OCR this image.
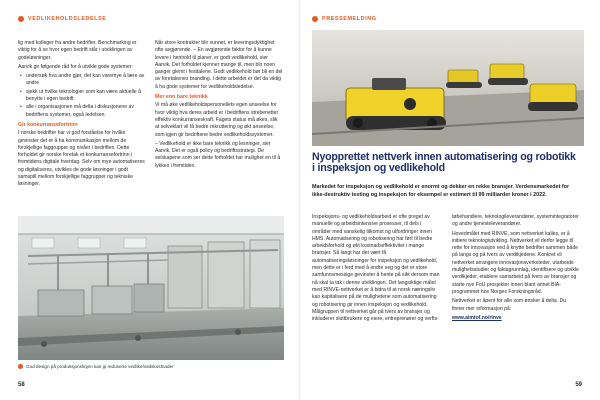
VEDLIKEHOLDSLEDELSE

lig med kolleger fra andre bedrifter. Benchmarking er viktig for å se hvor egen bedrift står i utviklingen av godeløsninger.

Aarvik gir følgende råd for å utvikle gode systemer:

• undersøk hva andre gjør, det kan varemye å lære av andre
• sjekk ut hvilke teknologier som kan være aktuelle å benytte i egen bedrift
• alle i organisasjonen må delta i diskusjonene av bedriftens systemer, også ledelsen.
Gir konkurransefortrinn

I norske bedrifter har vi god forståelse for hvilke gevinster det er å ha kommunikasjon mellom de forskjellige faggrupper og nivåer i bedriften. Dette forholdet gir norske foretak et konkurransefortrinn i fremtidens digitale hverdag. Selv om mye automatiseres og digitaliseres, utvikles de gode løsninger i godt samspill mellom forskjellige faggrupper og tekniske løsninger.

Når store kontrakter blir vunnet, er leveringsdyktighet ofte avgjørende. – En avgjørende faktor for å kunne levere i henhold til planer, er godt vedlikehold, sier Aarvik. Det forholdet kjenner mange til, men blir noen ganger glemt i festtalene. Godt vedlikehold bør bli en del av foretakenes branding. I dette arbeidet er det da viktig å ha gode systemer for vedlikeholdsledelse.

Mer enn bare teknikk

Vi må øke vedlikeholdspersonellets egen anseelse for hvor viktig hva deres arbeid er i bedriftens strebenetter effektiv konkurranseskraft. Fagets status må økes, slik at selveklart vil få bedre rekruttering og økt anseelse, som igjen gir bedriftene bedre vedlikeholdssystemer.

– Vedlikehold er ikke bare teknikk og lesninger, sier Aarvik. Det er også policy og bedriftsstrategi. De selskapene som ser dette forholdet har mulighet en til å lykkes i fremtiden.

God design på produksjonslinjen kan gi reduserte vedlikeholdskostnader
58
PRESSEMELDING
Nyopprettet nettverk innen automatisering og robotikk i inspeksjon og vedlikehold
Markedet for inspeksjon og vedlikehold er enormt og dekker en rekke bransjer. Verdensmarkedet for ikke-destruktiv testing og inspeksjon for eksempel er estimert til 99 milliarder kroner i 2022.

Inspeksjons- og vedlikeholdsarbeid er ofte preget av manuelle og arbeidsintensive prosesser, til dels i områder med vanskelig tilkomst og utfordringer innen HMS. Automatisering og robotisering har ført til bedre arbeidsforhold og økt kostnadseffektivitet i mange bransjer. Så langt har det vært få automatiseringsløsninger for inspeksjon og vedlikehold, men dette er i ferd med å endre seg og det er store samfunnsmessige gevinster å hente på sikt dersom man nå skal ta tak i denne utviklingen. Det langsiktige målet med RINVE-nettverket er å bidra til at norsk næringsliv kan kapitalisere på de mulighetene som automatisering og robotisering gir innen inspeksjon og vedlikehold. Målgruppen til nettverket går på tvers av bransjer og inkluderer sluttbrukere og eiere, entreprenører og verfts-

tøbehandlere, teknologileverandører, systemintegratorer og andre tjenesteleverandører.

Hovedmålet med RINVE, som nettverket kalles, er å initiere teknologiutvikling. Nettverket vil derfor legge til rette for innovasjon ved å knytte bedrifter sammen både på langs og på tvers av verdikjedene. Konkret vil nettverket arrangere innovasjonsverksteder, utarbeide mulighetsstudier og faktagrunnlag, identifisere og utvikle verdikjeder, etablere samarbeid på tvers av bransjer og starte nye FoU prosjekter innen blant annet BIA-programmet hos Norges Forskningsråd.

Nettverket er åpent for alle som ønsker å delta. Du finner mer informasjon på:

www.aimtof.no/rinve

59
